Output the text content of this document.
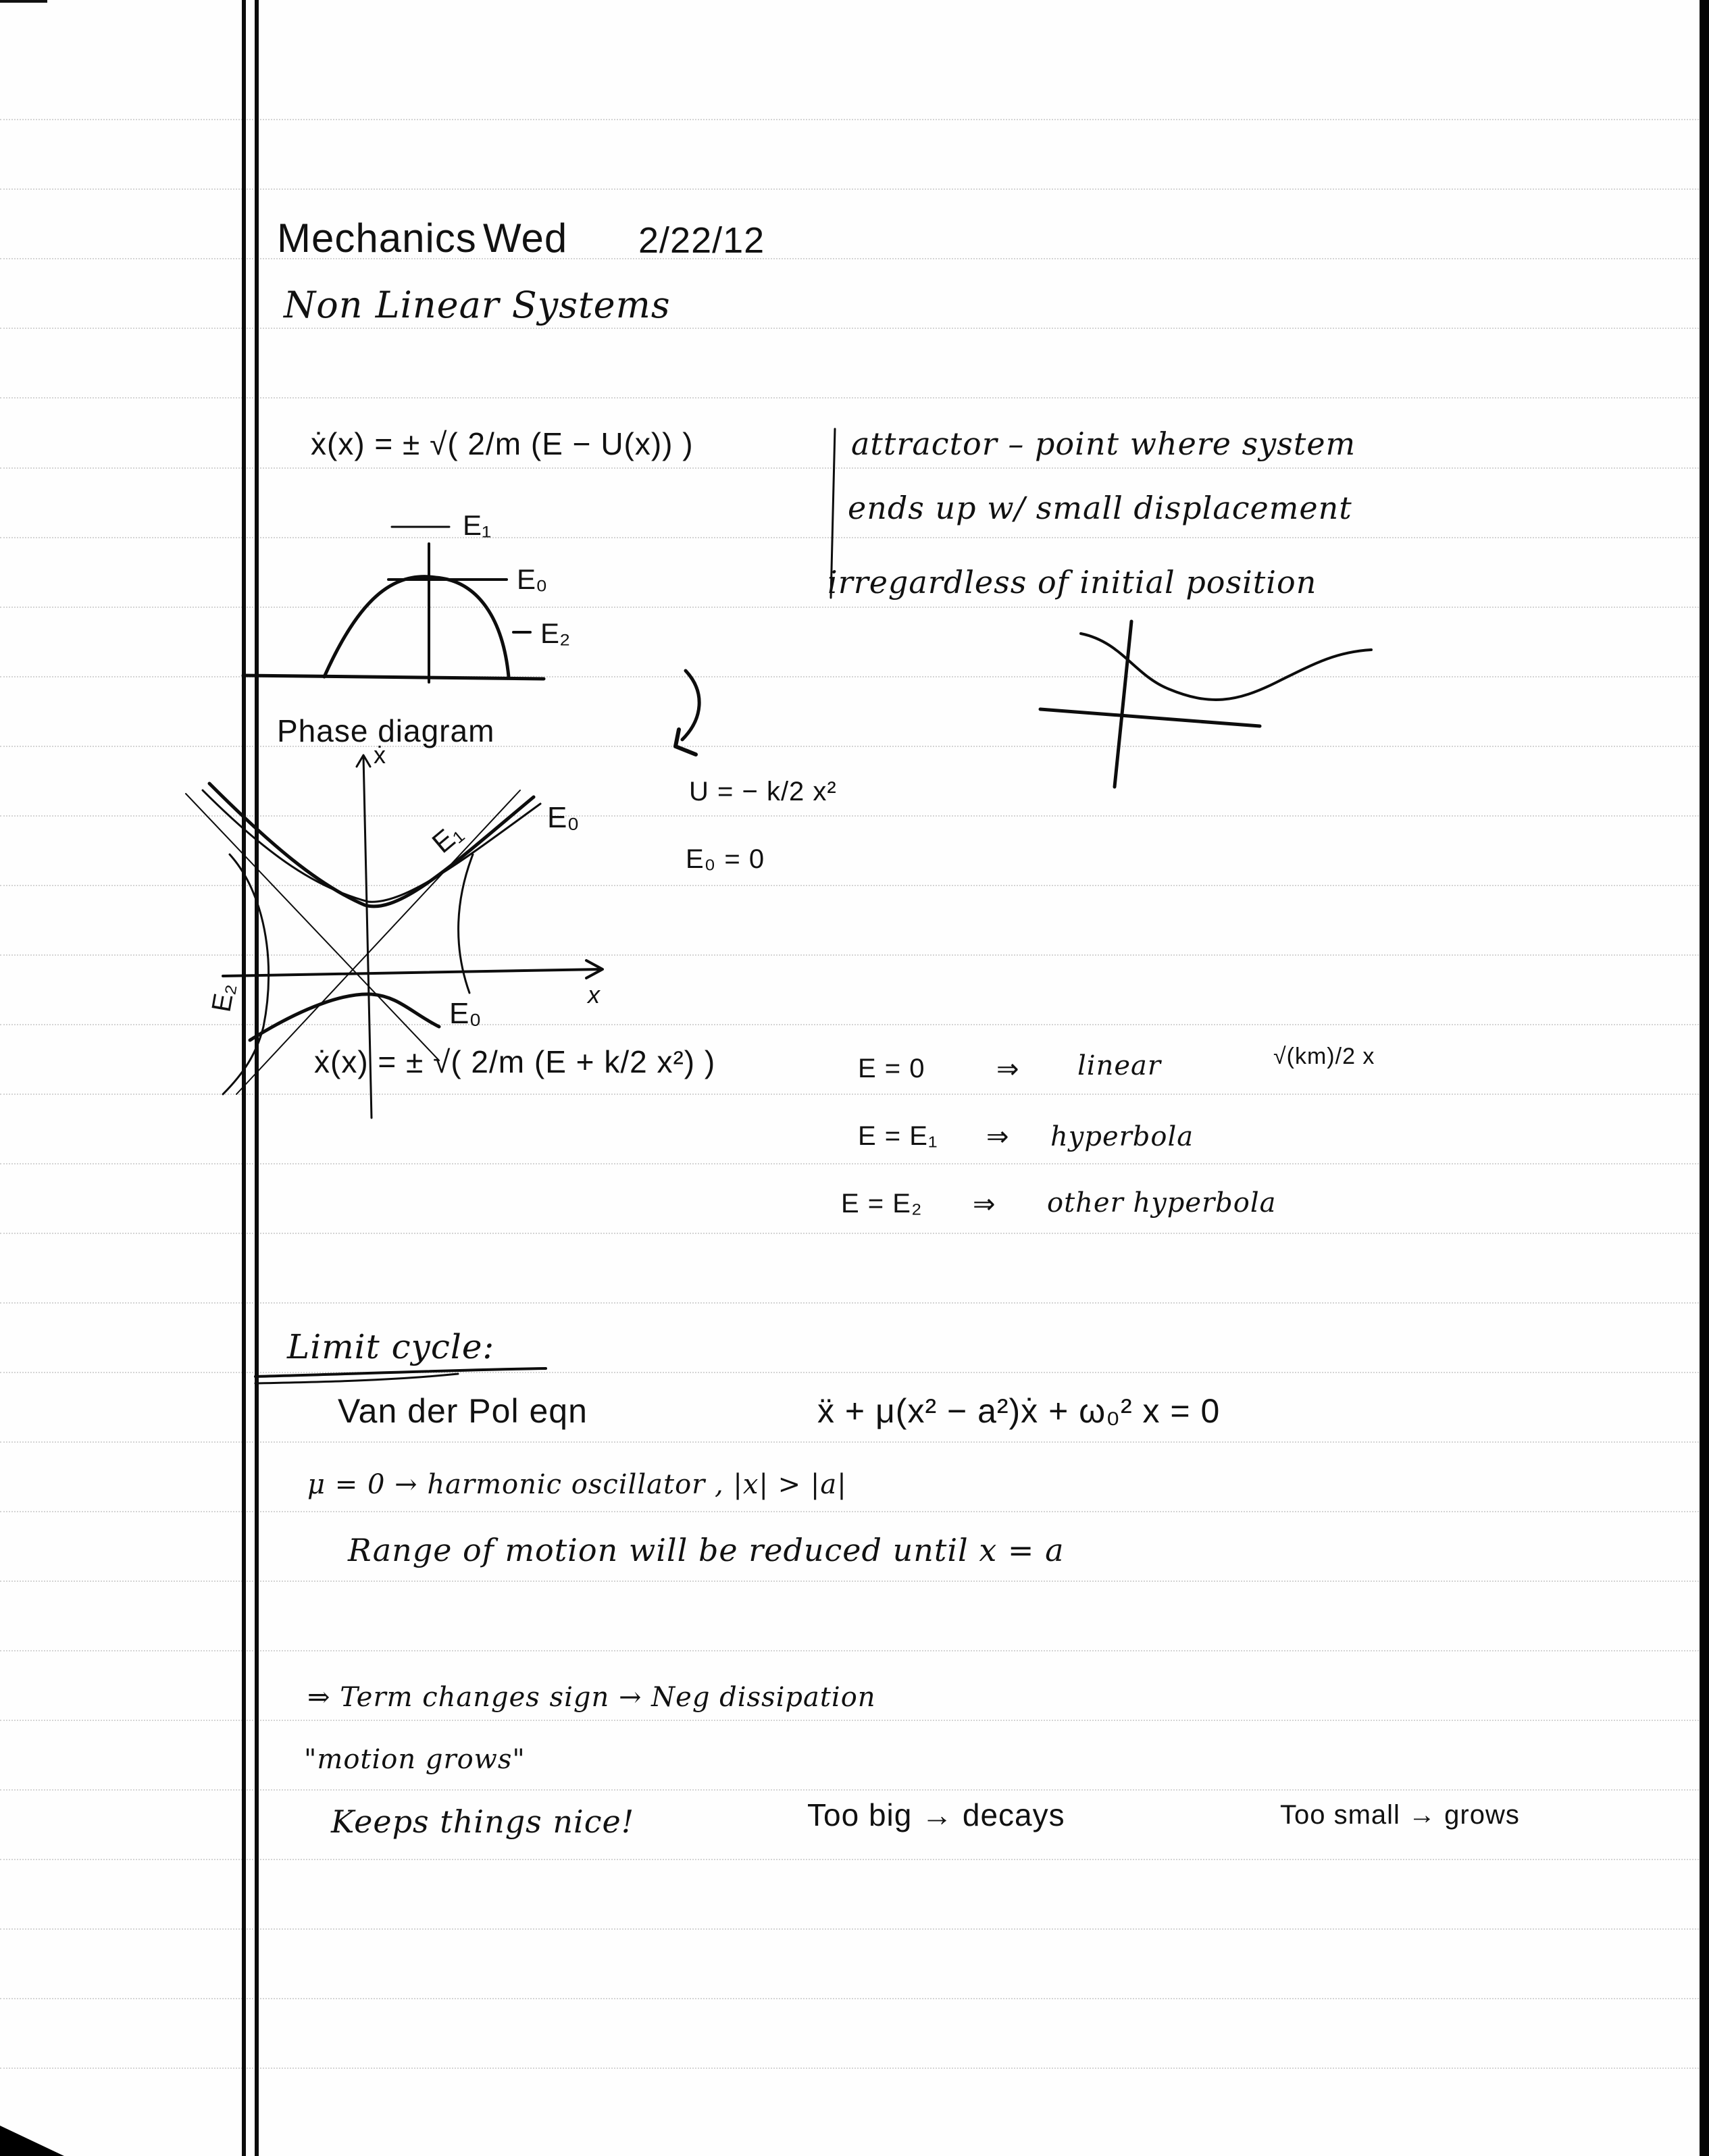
Mechanics Wed 2/22/12
Non Linear Systems
ẋ(x) = ± √( 2/m (E − U(x)) )
E₁
E₀
E₂
attractor – point where system
ends up w/ small displacement
irregardless of initial position
Phase diagram
ẋ
x
E₁	E₀
E₀
E₂
U = − k/2 x²
E₀ = 0
ẋ(x) = ± √( 2/m (E + k/2 x²) )	E = 0	⇒ linear	√(km)/2 x
E = E₁ ⇒ hyperbola
E = E₂ ⇒ other hyperbola
Limit cycle:
Van der Pol eqn	ẍ + μ(x² − a²)ẋ + ω₀² x = 0
μ = 0 → harmonic oscillator , |x| > |a|
Range of motion will be reduced until x = a
⇒ Term changes sign → Neg dissipation
"motion grows"
Keeps things nice!	Too big → decays	Too small → grows
